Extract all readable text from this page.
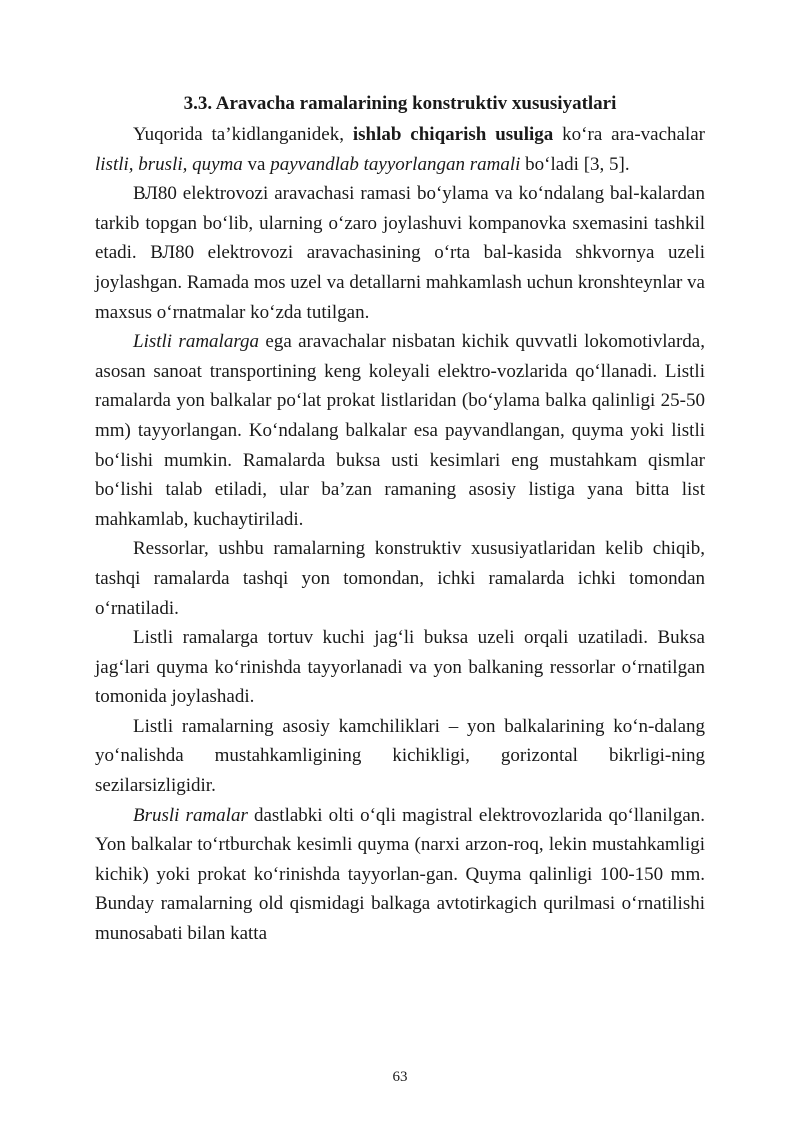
3.3. Aravacha ramalarining konstruktiv xususiyatlari

Yuqorida ta’kidlanganidek, ishlab chiqarish usuliga ko‘ra ara-vachalar listli, brusli, quyma va payvandlab tayyorlangan ramali bo‘ladi [3, 5].

ВЛ80 elektrovozi aravachasi ramasi bo‘ylama va ko‘ndalang bal-kalardan tarkib topgan bo‘lib, ularning o‘zaro joylashuvi kompanovka sxemasini tashkil etadi. ВЛ80 elektrovozi aravachasining o‘rta bal-kasida shkvornya uzeli joylashgan. Ramada mos uzel va detallarni mahkamlash uchun kronshteynlar va maxsus o‘rnatmalar ko‘zda tutilgan.

Listli ramalarga ega aravachalar nisbatan kichik quvvatli lokomotivlarda, asosan sanoat transportining keng koleyali elektro-vozlarida qo‘llanadi. Listli ramalarda yon balkalar po‘lat prokat listlaridan (bo‘ylama balka qalinligi 25-50 mm) tayyorlangan. Ko‘ndalang balkalar esa payvandlangan, quyma yoki listli bo‘lishi mumkin. Ramalarda buksa usti kesimlari eng mustahkam qismlar bo‘lishi talab etiladi, ular ba’zan ramaning asosiy listiga yana bitta list mahkamlab, kuchaytiriladi.

Ressorlar, ushbu ramalarning konstruktiv xususiyatlaridan kelib chiqib, tashqi ramalarda tashqi yon tomondan, ichki ramalarda ichki tomondan o‘rnatiladi.

Listli ramalarga tortuv kuchi jag‘li buksa uzeli orqali uzatiladi. Buksa jag‘lari quyma ko‘rinishda tayyorlanadi va yon balkaning ressorlar o‘rnatilgan tomonida joylashadi.

Listli ramalarning asosiy kamchiliklari – yon balkalarining ko‘n-dalang yo‘nalishda mustahkamligining kichikligi, gorizontal bikrligi-ning sezilarsizligidir.

Brusli ramalar dastlabki olti o‘qli magistral elektrovozlarida qo‘llanilgan. Yon balkalar to‘rtburchak kesimli quyma (narxi arzon-roq, lekin mustahkamligi kichik) yoki prokat ko‘rinishda tayyorlan-gan. Quyma qalinligi 100-150 mm. Bunday ramalarning old qismidagi balkaga avtotirkagich qurilmasi o‘rnatilishi munosabati bilan katta

63
